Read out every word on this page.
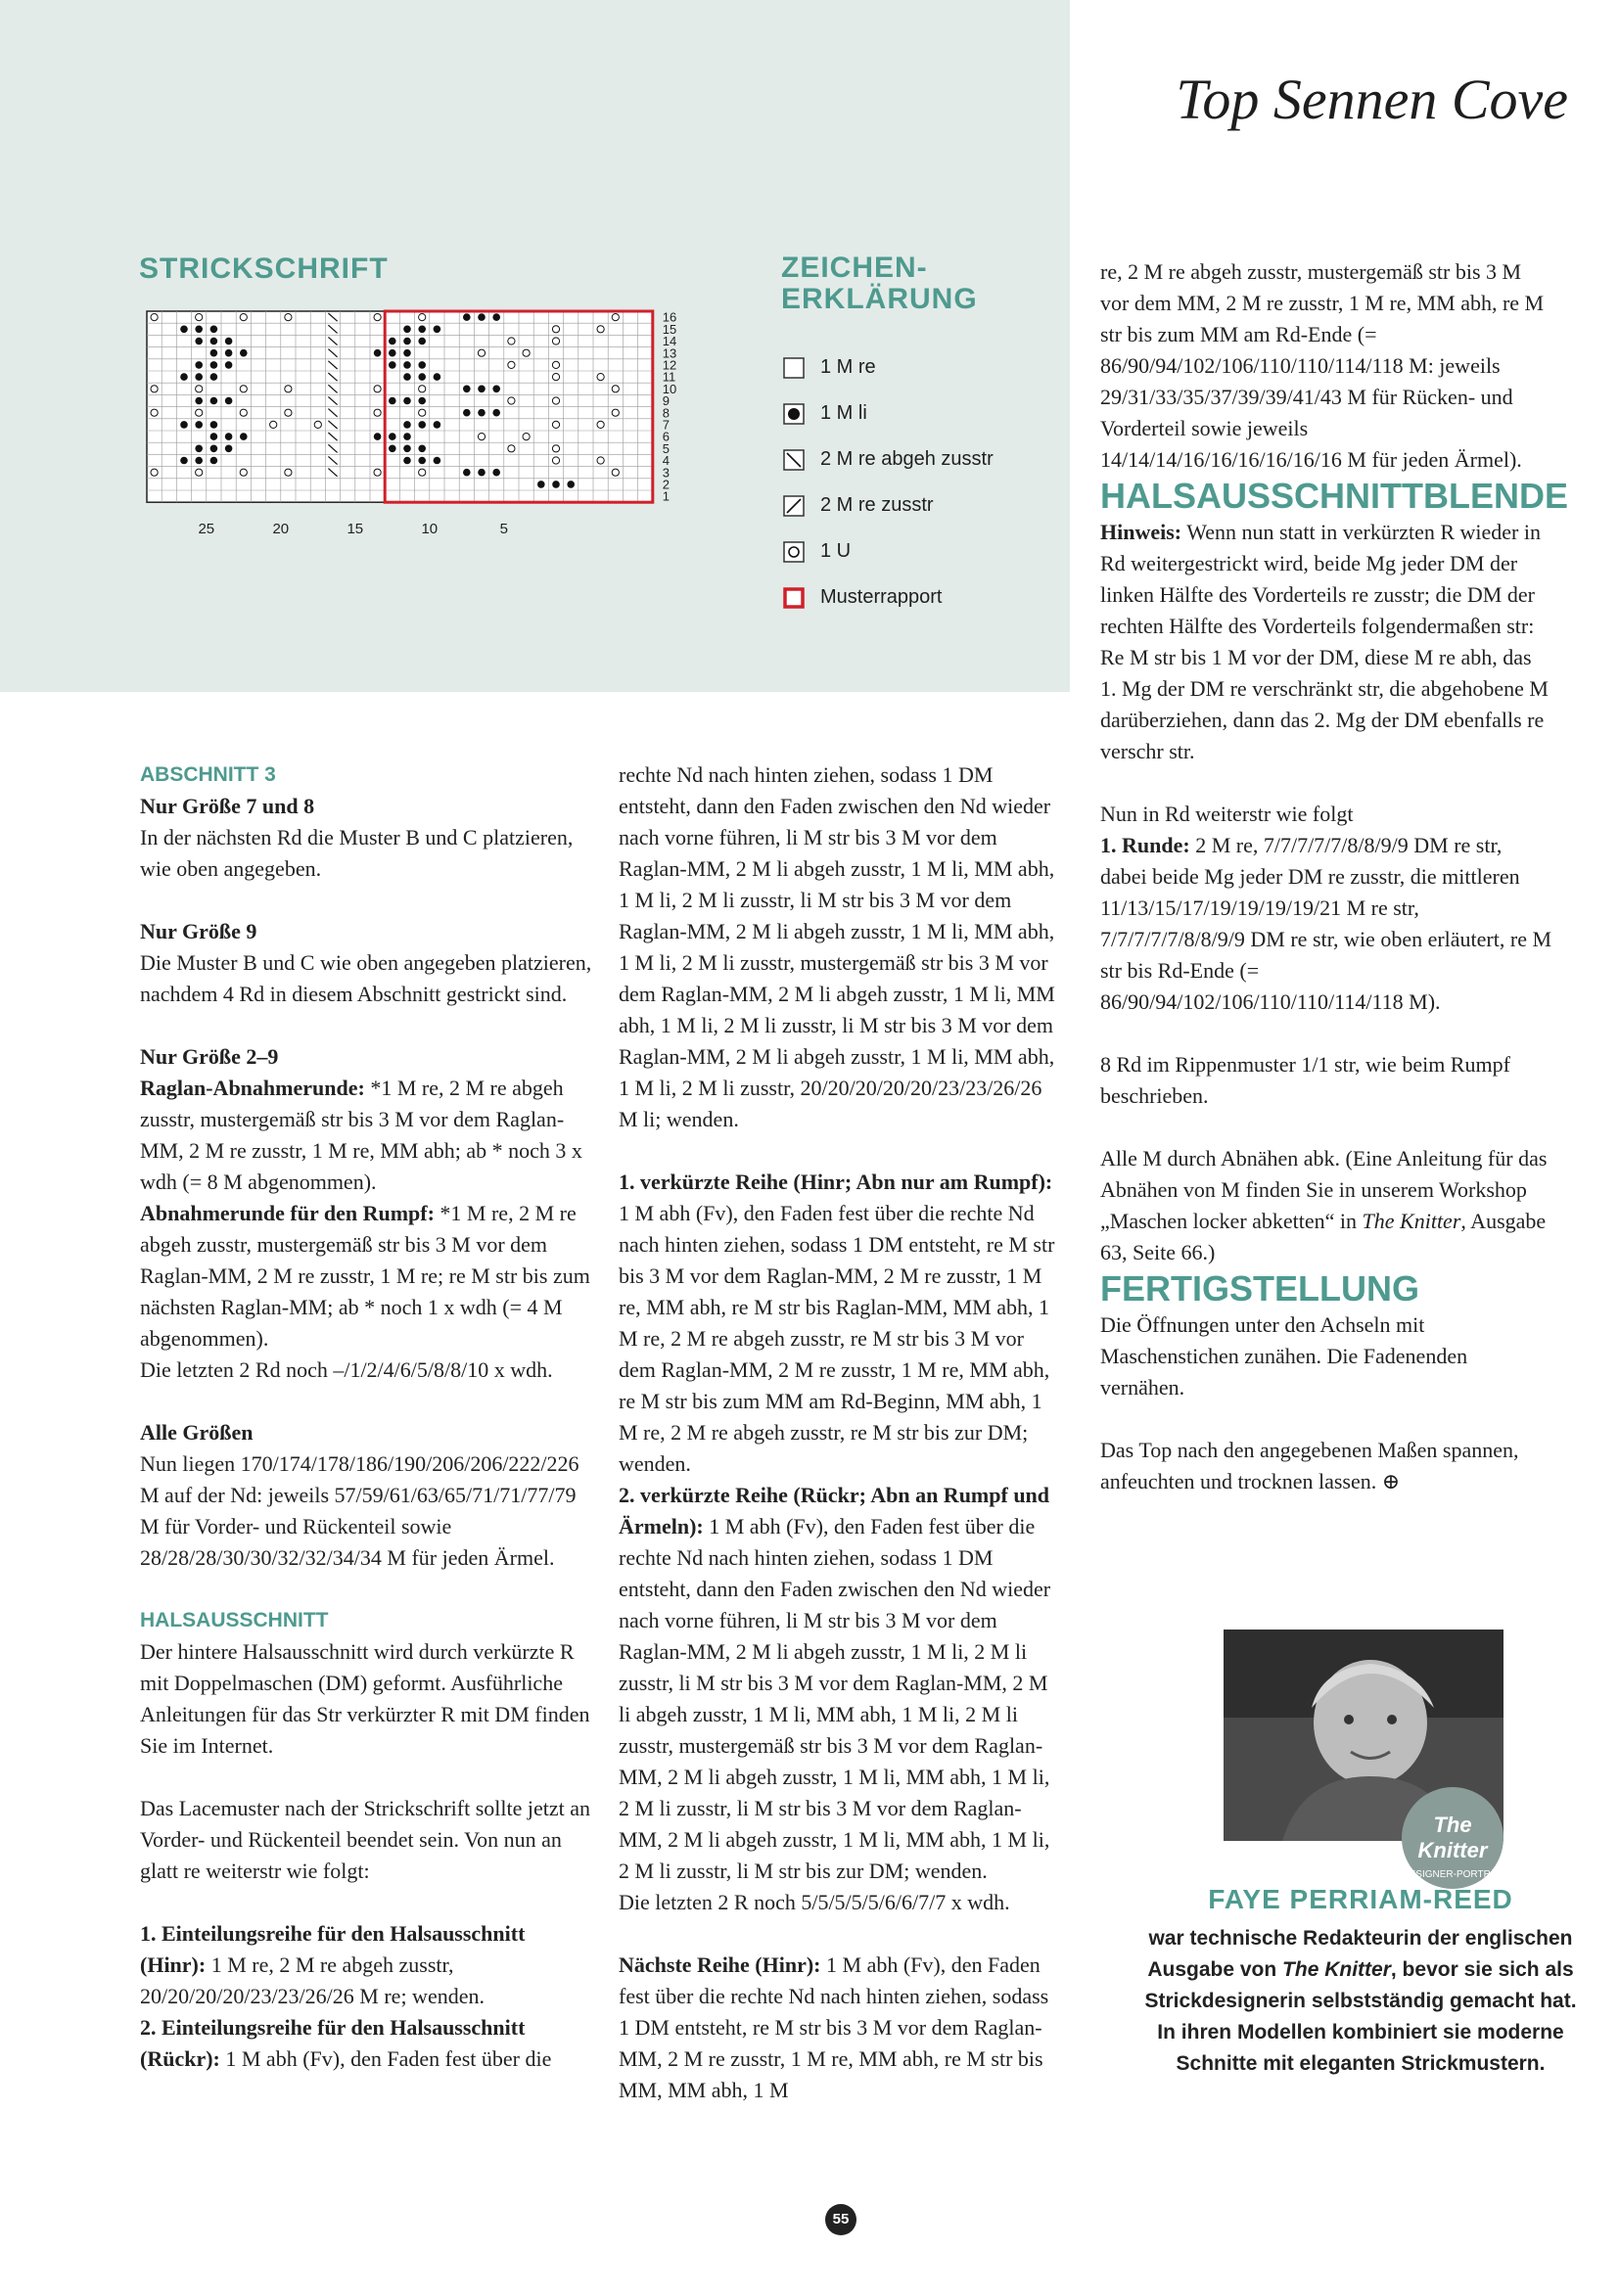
Top Sennen Cove
STRICKSCHRIFT	ZEICHEN-
ERKLÄRUNG
1
2
3
4
5
6
7
8
9
10
11
12
13
14
15
16
25	20	15	10	5
1 M re
1 M li
2 M re abgeh zusstr
2 M re zusstr
1 U
Musterrapport

ABSCHNITT 3

Nur Größe 7 und 8

In der nächsten Rd die Muster B und C platzieren, wie oben angegeben.

Nur Größe 9

Die Muster B und C wie oben angegeben platzieren, nachdem 4 Rd in diesem Abschnitt gestrickt sind.

Nur Größe 2–9

Raglan-Abnahmerunde: *1 M re, 2 M re abgeh zusstr, mustergemäß str bis 3 M vor dem Raglan-MM, 2 M re zusstr, 1 M re, MM abh; ab * noch 3 x wdh (= 8 M abgenommen).

Abnahmerunde für den Rumpf: *1 M re, 2 M re abgeh zusstr, mustergemäß str bis 3 M vor dem Raglan-MM, 2 M re zusstr, 1 M re; re M str bis zum nächsten Raglan-MM; ab * noch 1 x wdh (= 4 M abgenommen).

Die letzten 2 Rd noch –/1/2/4/6/5/8/8/10 x wdh.

Alle Größen

Nun liegen 170/174/178/186/190/206/206/222/226 M auf der Nd: jeweils 57/59/61/63/65/71/71/77/79 M für Vorder- und Rückenteil sowie 28/28/28/30/30/32/32/34/34 M für jeden Ärmel.

HALSAUSSCHNITT

Der hintere Halsausschnitt wird durch verkürzte R mit Doppelmaschen (DM) geformt. Ausführliche Anleitungen für das Str verkürzter R mit DM finden Sie im Internet.

Das Lacemuster nach der Strickschrift sollte jetzt an Vorder- und Rückenteil beendet sein. Von nun an glatt re weiterstr wie folgt:

1. Einteilungsreihe für den Halsausschnitt (Hinr): 1 M re, 2 M re abgeh zusstr, 20/20/20/20/23/23/26/26 M re; wenden.

2. Einteilungsreihe für den Halsausschnitt (Rückr): 1 M abh (Fv), den Faden fest über die

rechte Nd nach hinten ziehen, sodass 1 DM entsteht, dann den Faden zwischen den Nd wieder nach vorne führen, li M str bis 3 M vor dem Raglan-MM, 2 M li abgeh zusstr, 1 M li, MM abh, 1 M li, 2 M li zusstr, li M str bis 3 M vor dem Raglan-MM, 2 M li abgeh zusstr, 1 M li, MM abh, 1 M li, 2 M li zusstr, mustergemäß str bis 3 M vor dem Raglan-MM, 2 M li abgeh zusstr, 1 M li, MM abh, 1 M li, 2 M li zusstr, li M str bis 3 M vor dem Raglan-MM, 2 M li abgeh zusstr, 1 M li, MM abh, 1 M li, 2 M li zusstr, 20/20/20/20/20/23/23/26/26 M li; wenden.

1. verkürzte Reihe (Hinr; Abn nur am Rumpf): 1 M abh (Fv), den Faden fest über die rechte Nd nach hinten ziehen, sodass 1 DM entsteht, re M str bis 3 M vor dem Raglan-MM, 2 M re zusstr, 1 M re, MM abh, re M str bis Raglan-MM, MM abh, 1 M re, 2 M re abgeh zusstr, re M str bis 3 M vor dem Raglan-MM, 2 M re zusstr, 1 M re, MM abh, re M str bis zum MM am Rd-Beginn, MM abh, 1 M re, 2 M re abgeh zusstr, re M str bis zur DM; wenden.

2. verkürzte Reihe (Rückr; Abn an Rumpf und Ärmeln): 1 M abh (Fv), den Faden fest über die rechte Nd nach hinten ziehen, sodass 1 DM entsteht, dann den Faden zwischen den Nd wieder nach vorne führen, li M str bis 3 M vor dem Raglan-MM, 2 M li abgeh zusstr, 1 M li, 2 M li zusstr, li M str bis 3 M vor dem Raglan-MM, 2 M li abgeh zusstr, 1 M li, MM abh, 1 M li, 2 M li zusstr, mustergemäß str bis 3 M vor dem Raglan-MM, 2 M li abgeh zusstr, 1 M li, MM abh, 1 M li, 2 M li zusstr, li M str bis 3 M vor dem Raglan-MM, 2 M li abgeh zusstr, 1 M li, MM abh, 1 M li, 2 M li zusstr, li M str bis zur DM; wenden.

Die letzten 2 R noch 5/5/5/5/5/6/6/7/7 x wdh.

Nächste Reihe (Hinr): 1 M abh (Fv), den Faden fest über die rechte Nd nach hinten ziehen, sodass 1 DM entsteht, re M str bis 3 M vor dem Raglan-MM, 2 M re zusstr, 1 M re, MM abh, re M str bis MM, MM abh, 1 M

re, 2 M re abgeh zusstr, mustergemäß str bis 3 M vor dem MM, 2 M re zusstr, 1 M re, MM abh, re M str bis zum MM am Rd-Ende (= 86/90/94/102/106/110/110/114/118 M: jeweils 29/31/33/35/37/39/39/41/43 M für Rücken- und Vorderteil sowie jeweils 14/14/14/16/16/16/16/16/16 M für jeden Ärmel).

HALSAUSSCHNITTBLENDE

Hinweis: Wenn nun statt in verkürzten R wieder in Rd weitergestrickt wird, beide Mg jeder DM der linken Hälfte des Vorderteils re zusstr; die DM der rechten Hälfte des Vorderteils folgendermaßen str: Re M str bis 1 M vor der DM, diese M re abh, das 1. Mg der DM re verschränkt str, die abgehobene M darüberziehen, dann das 2. Mg der DM ebenfalls re verschr str.

Nun in Rd weiterstr wie folgt

1. Runde: 2 M re, 7/7/7/7/7/8/8/9/9 DM re str, dabei beide Mg jeder DM re zusstr, die mittleren 11/13/15/17/19/19/19/19/21 M re str, 7/7/7/7/7/8/8/9/9 DM re str, wie oben erläutert, re M str bis Rd-Ende (= 86/90/94/102/106/110/110/114/118 M).

8 Rd im Rippenmuster 1/1 str, wie beim Rumpf beschrieben.

Alle M durch Abnähen abk. (Eine Anleitung für das Abnähen von M finden Sie in unserem Workshop „Maschen locker abketten“ in The Knitter, Ausgabe 63, Seite 66.)

FERTIGSTELLUNG

Die Öffnungen unter den Achseln mit Maschenstichen zunähen. Die Fadenenden vernähen.

Das Top nach den angegebenen Maßen spannen, anfeuchten und trocknen lassen. ⊕

The Knitter
DESIGNER-PORTRÄT
FAYE PERRIAM-REED
war technische Redakteurin der englischen Ausgabe von The Knitter, bevor sie sich als Strickdesignerin selbstständig gemacht hat. In ihren Modellen kombiniert sie moderne Schnitte mit eleganten Strickmustern.
55
